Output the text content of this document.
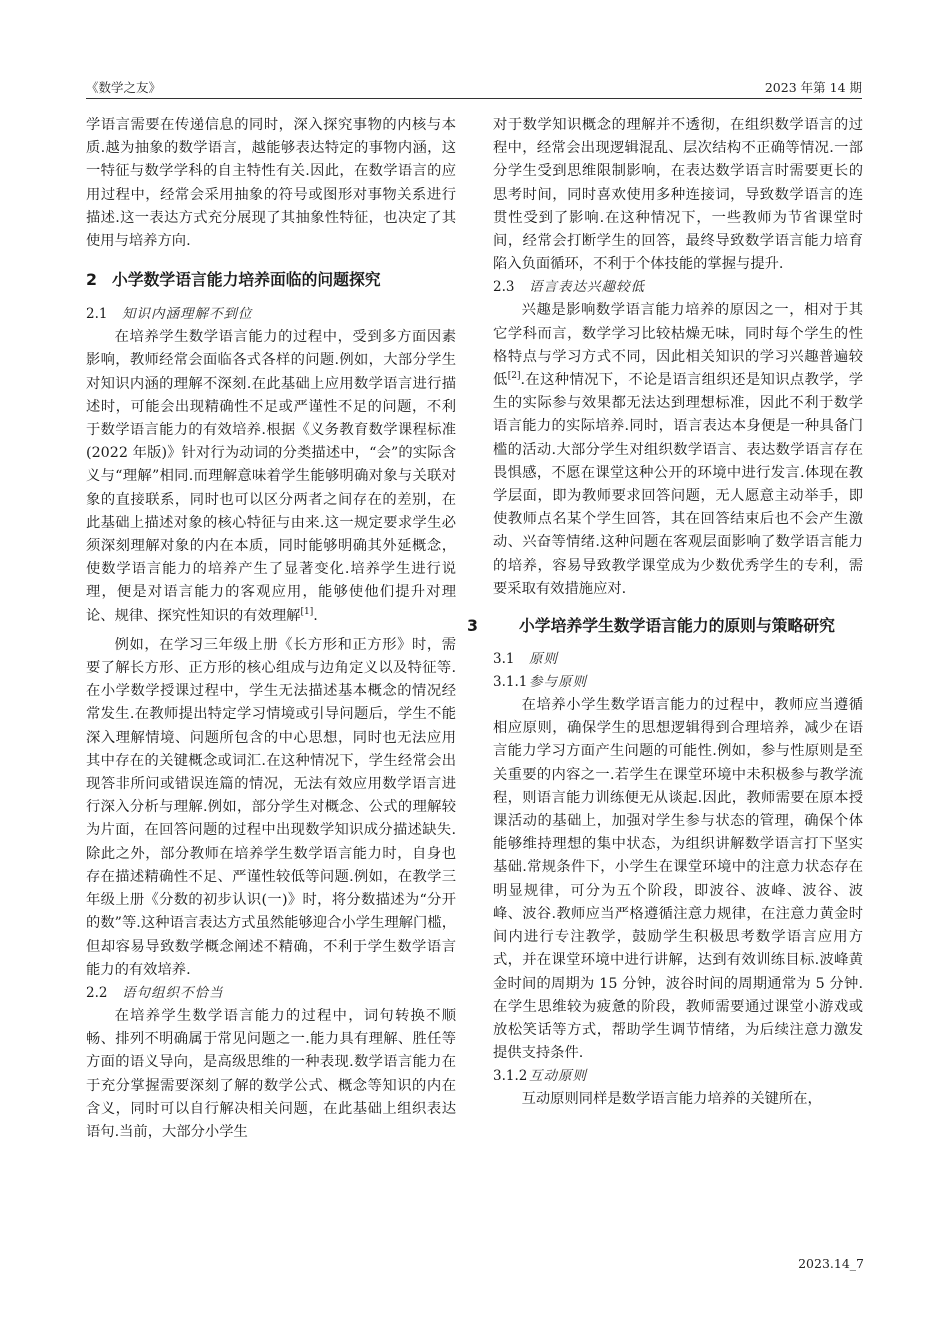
《数学之友》	2023 年第 14 期

学语言需要在传递信息的同时，深入探究事物的内核与本质.越为抽象的数学语言，越能够表达特定的事物内涵，这一特征与数学学科的自主特性有关.因此，在数学语言的应用过程中，经常会采用抽象的符号或图形对事物关系进行描述.这一表达方式充分展现了其抽象性特征，也决定了其使用与培养方向.

2 小学数学语言能力培养面临的问题探究
2.1 知识内涵理解不到位

在培养学生数学语言能力的过程中，受到多方面因素影响，教师经常会面临各式各样的问题.例如，大部分学生对知识内涵的理解不深刻.在此基础上应用数学语言进行描述时，可能会出现精确性不足或严谨性不足的问题，不利于数学语言能力的有效培养.根据《义务教育数学课程标准(2022 年版)》针对行为动词的分类描述中，“会”的实际含义与“理解”相同.而理解意味着学生能够明确对象与关联对象的直接联系，同时也可以区分两者之间存在的差别，在此基础上描述对象的核心特征与由来.这一规定要求学生必须深刻理解对象的内在本质，同时能够明确其外延概念，使数学语言能力的培养产生了显著变化.培养学生进行说理，便是对语言能力的客观应用，能够使他们提升对理论、规律、探究性知识的有效理解[1].

例如，在学习三年级上册《长方形和正方形》时，需要了解长方形、正方形的核心组成与边角定义以及特征等.在小学数学授课过程中，学生无法描述基本概念的情况经常发生.在教师提出特定学习情境或引导问题后，学生不能深入理解情境、问题所包含的中心思想，同时也无法应用其中存在的关键概念或词汇.在这种情况下，学生经常会出现答非所问或错误连篇的情况，无法有效应用数学语言进行深入分析与理解.例如，部分学生对概念、公式的理解较为片面，在回答问题的过程中出现数学知识成分描述缺失.除此之外，部分教师在培养学生数学语言能力时，自身也存在描述精确性不足、严谨性较低等问题.例如，在教学三年级上册《分数的初步认识(一)》时，将分数描述为“分开的数”等.这种语言表达方式虽然能够迎合小学生理解门槛，但却容易导致数学概念阐述不精确，不利于学生数学语言能力的有效培养.

2.2 语句组织不恰当

在培养学生数学语言能力的过程中，词句转换不顺畅、排列不明确属于常见问题之一.能力具有理解、胜任等方面的语义导向，是高级思维的一种表现.数学语言能力在于充分掌握需要深刻了解的数学公式、概念等知识的内在含义，同时可以自行解决相关问题，在此基础上组织表达语句.当前，大部分小学生

对于数学知识概念的理解并不透彻，在组织数学语言的过程中，经常会出现逻辑混乱、层次结构不正确等情况.一部分学生受到思维限制影响，在表达数学语言时需要更长的思考时间，同时喜欢使用多种连接词，导致数学语言的连贯性受到了影响.在这种情况下，一些教师为节省课堂时间，经常会打断学生的回答，最终导致数学语言能力培育陷入负面循环，不利于个体技能的掌握与提升.

2.3 语言表达兴趣较低

兴趣是影响数学语言能力培养的原因之一，相对于其它学科而言，数学学习比较枯燥无味，同时每个学生的性格特点与学习方式不同，因此相关知识的学习兴趣普遍较低[2].在这种情况下，不论是语言组织还是知识点教学，学生的实际参与效果都无法达到理想标准，因此不利于数学语言能力的实际培养.同时，语言表达本身便是一种具备门槛的活动.大部分学生对组织数学语言、表达数学语言存在畏惧感，不愿在课堂这种公开的环境中进行发言.体现在教学层面，即为教师要求回答问题，无人愿意主动举手，即使教师点名某个学生回答，其在回答结束后也不会产生激动、兴奋等情绪.这种问题在客观层面影响了数学语言能力的培养，容易导致教学课堂成为少数优秀学生的专利，需要采取有效措施应对.

3	小学培养学生数学语言能力的原则与策略研究
3.1 原则
3.1.1 参与原则

在培养小学生数学语言能力的过程中，教师应当遵循相应原则，确保学生的思想逻辑得到合理培养，减少在语言能力学习方面产生问题的可能性.例如，参与性原则是至关重要的内容之一.若学生在课堂环境中未积极参与教学流程，则语言能力训练便无从谈起.因此，教师需要在原本授课活动的基础上，加强对学生参与状态的管理，确保个体能够维持理想的集中状态，为组织讲解数学语言打下坚实基础.常规条件下，小学生在课堂环境中的注意力状态存在明显规律，可分为五个阶段，即波谷、波峰、波谷、波峰、波谷.教师应当严格遵循注意力规律，在注意力黄金时间内进行专注教学，鼓励学生积极思考数学语言应用方式，并在课堂环境中进行讲解，达到有效训练目标.波峰黄金时间的周期为 15 分钟，波谷时间的周期通常为 5 分钟.在学生思维较为疲惫的阶段，教师需要通过课堂小游戏或放松笑话等方式，帮助学生调节情绪，为后续注意力激发提供支持条件.

3.1.2 互动原则

互动原则同样是数学语言能力培养的关键所在，

2023.14_7
